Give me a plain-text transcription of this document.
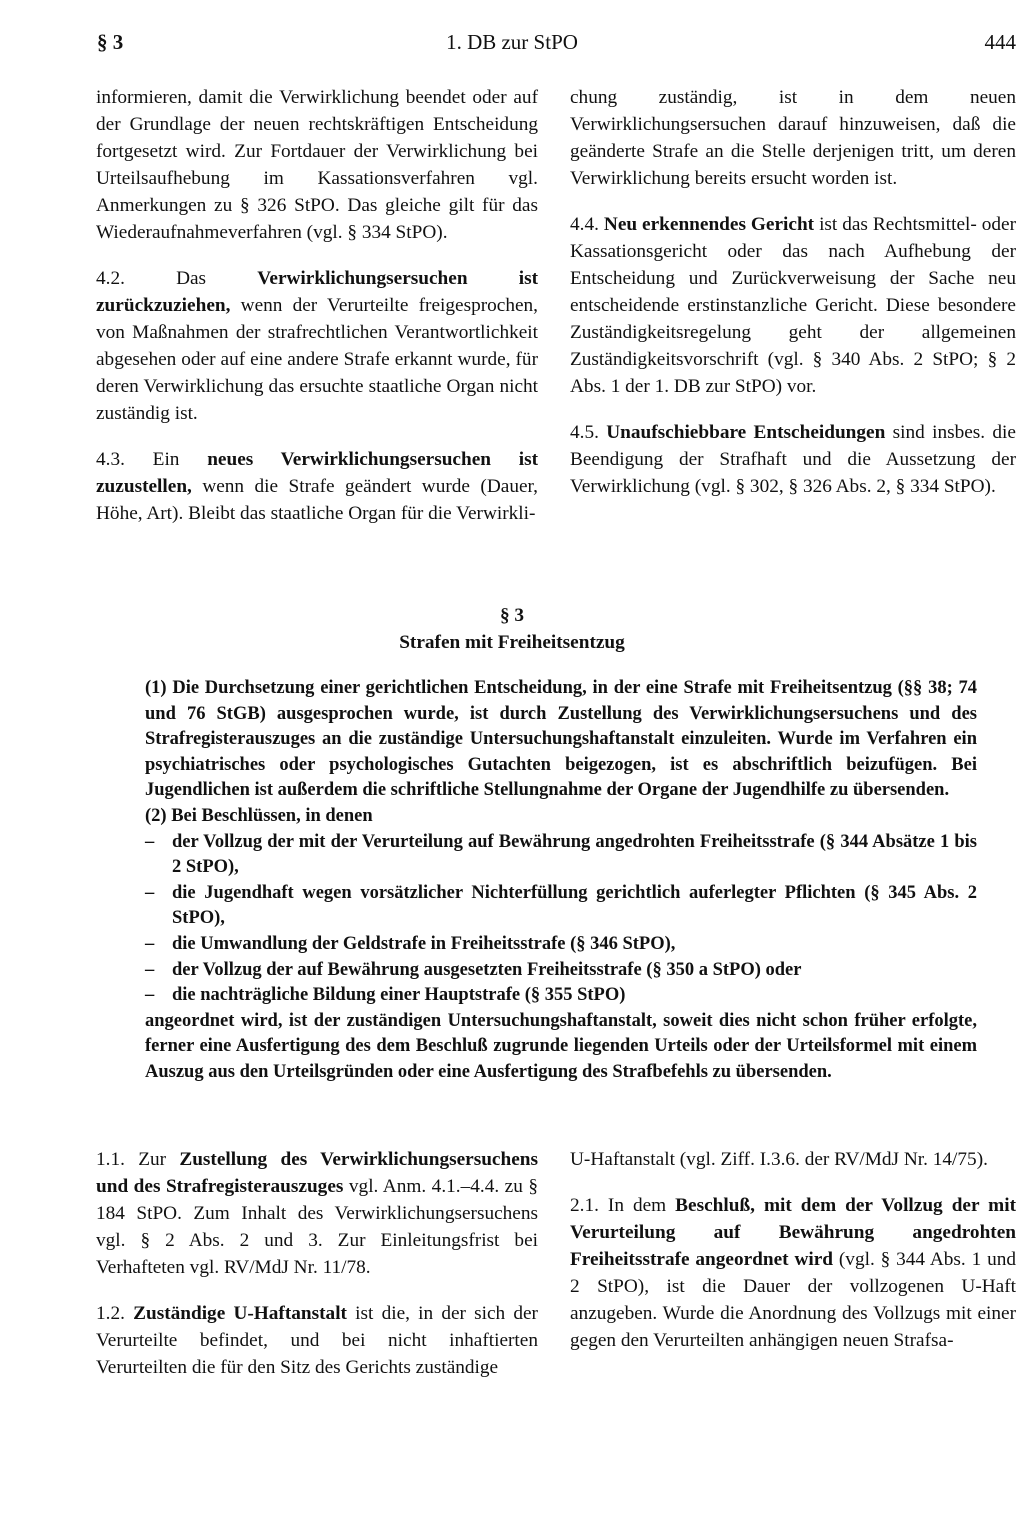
§ 3	1. DB zur StPO	444

informieren, damit die Verwirklichung beendet oder auf der Grundlage der neuen rechtskräftigen Entscheidung fortgesetzt wird. Zur Fortdauer der Verwirklichung bei Urteilsaufhebung im Kassationsverfahren vgl. Anmerkungen zu § 326 StPO. Das gleiche gilt für das Wiederaufnahmeverfahren (vgl. § 334 StPO).

4.2.	Das	Verwirklichungsersuchen ist zurückzuziehen, wenn der Verurteilte freigesprochen, von Maßnahmen der strafrechtlichen Verantwortlichkeit abgesehen oder auf eine andere Strafe erkannt wurde, für deren Verwirklichung das ersuchte staatliche Organ nicht zuständig ist.

4.3. Ein neues Verwirklichungsersuchen ist zuzustellen, wenn die Strafe geändert wurde (Dauer, Höhe, Art). Bleibt das staatliche Organ für die Verwirkli-

chung zuständig, ist in dem neuen Verwirklichungsersuchen darauf hinzuweisen, daß die geänderte Strafe an die Stelle derjenigen tritt, um deren Verwirklichung bereits ersucht worden ist.

4.4. Neu erkennendes Gericht ist das Rechtsmittel- oder Kassationsgericht oder das nach Aufhebung der Entscheidung und Zurückverweisung der Sache neu entscheidende erstinstanzliche Gericht. Diese besondere Zuständigkeitsregelung geht der allgemeinen Zuständigkeitsvorschrift (vgl. § 340 Abs. 2 StPO; § 2 Abs. 1 der 1. DB zur StPO) vor.

4.5. Unaufschiebbare Entscheidungen sind insbes. die Beendigung der Strafhaft und die Aussetzung der Verwirklichung (vgl. § 302, § 326 Abs. 2, § 334 StPO).

§ 3
Strafen mit Freiheitsentzug

(1) Die Durchsetzung einer gerichtlichen Entscheidung, in der eine Strafe mit Freiheitsentzug (§§ 38; 74 und 76 StGB) ausgesprochen wurde, ist durch Zustellung des Verwirklichungsersuchens und des Strafregisterauszuges an die zuständige Untersuchungshaftanstalt einzuleiten. Wurde im Verfahren ein psychiatrisches oder psychologisches Gutachten beigezogen, ist es abschriftlich beizufügen. Bei Jugendlichen ist außerdem die schriftliche Stellungnahme der Organe der Jugendhilfe zu übersenden.

(2) Bei Beschlüssen, in denen

– der Vollzug der mit der Verurteilung auf Bewährung angedrohten Freiheitsstrafe (§ 344 Absätze 1 bis 2 StPO),
– die Jugendhaft wegen vorsätzlicher Nichterfüllung gerichtlich auferlegter Pflichten (§ 345 Abs. 2 StPO),
– die Umwandlung der Geldstrafe in Freiheitsstrafe (§ 346 StPO),
– der Vollzug der auf Bewährung ausgesetzten Freiheitsstrafe (§ 350 a StPO) oder
– die nachträgliche Bildung einer Hauptstrafe (§ 355 StPO)

angeordnet wird, ist der zuständigen Untersuchungshaftanstalt, soweit dies nicht schon früher erfolgte, ferner eine Ausfertigung des dem Beschluß zugrunde liegenden Urteils oder der Urteilsformel mit einem Auszug aus den Urteilsgründen oder eine Ausfertigung des Strafbefehls zu übersenden.

1.1. Zur Zustellung des Verwirklichungsersuchens und des Strafregisterauszuges vgl. Anm. 4.1.–4.4. zu § 184 StPO. Zum Inhalt des Verwirklichungsersuchens vgl. § 2 Abs. 2 und 3. Zur Einleitungsfrist bei Verhafteten vgl. RV/MdJ Nr. 11/78.

1.2. Zuständige U-Haftanstalt ist die, in der sich der Verurteilte befindet, und bei nicht inhaftierten Verurteilten die für den Sitz des Gerichts zuständige

U-Haftanstalt (vgl. Ziff. I.3.6. der RV/MdJ Nr. 14/75).

2.1. In dem Beschluß, mit dem der Vollzug der mit Verurteilung auf Bewährung angedrohten Freiheitsstrafe angeordnet wird (vgl. § 344 Abs. 1 und 2 StPO), ist die Dauer der vollzogenen U-Haft anzugeben. Wurde die Anordnung des Vollzugs mit einer gegen den Verurteilten anhängigen neuen Strafsa-
